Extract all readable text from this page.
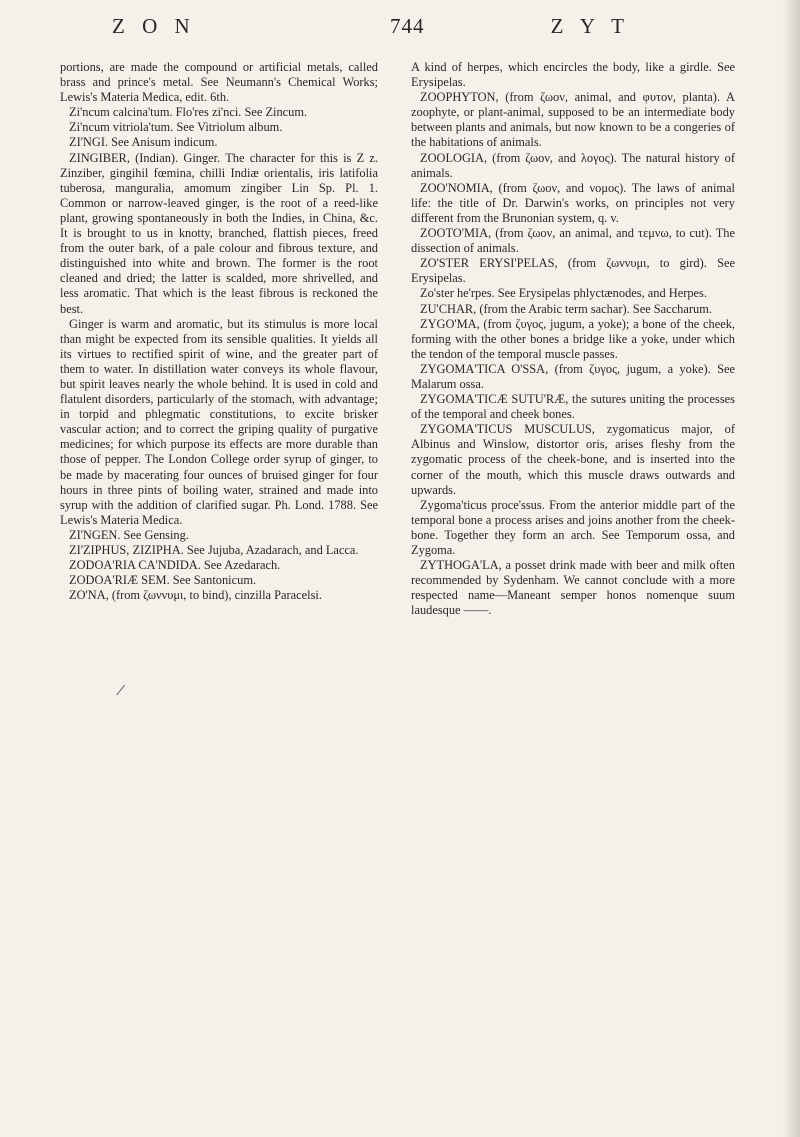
Z O N	744	Z Y T

portions, are made the compound or artificial metals, called brass and prince's metal. See Neumann's Chemical Works; Lewis's Materia Medica, edit. 6th.

Zi'ncum calcina'tum. Flo'res zi'nci. See Zincum.

Zi'ncum vitriola'tum. See Vitriolum album.

ZI'NGI. See Anisum indicum.

ZINGIBER, (Indian). Ginger. The character for this is Z z. Zinziber, gingihil fœmina, chilli Indiæ orientalis, iris latifolia tuberosa, manguralia, amomum zingiber Lin Sp. Pl. 1. Common or narrow-leaved ginger, is the root of a reed-like plant, growing spontaneously in both the Indies, in China, &c. It is brought to us in knotty, branched, flattish pieces, freed from the outer bark, of a pale colour and fibrous texture, and distinguished into white and brown. The former is the root cleaned and dried; the latter is scalded, more shrivelled, and less aromatic. That which is the least fibrous is reckoned the best.

Ginger is warm and aromatic, but its stimulus is more local than might be expected from its sensible qualities. It yields all its virtues to rectified spirit of wine, and the greater part of them to water. In distillation water conveys its whole flavour, but spirit leaves nearly the whole behind. It is used in cold and flatulent disorders, particularly of the stomach, with advantage; in torpid and phlegmatic constitutions, to excite brisker vascular action; and to correct the griping quality of purgative medicines; for which purpose its effects are more durable than those of pepper. The London College order syrup of ginger, to be made by macerating four ounces of bruised ginger for four hours in three pints of boiling water, strained and made into syrup with the addition of clarified sugar. Ph. Lond. 1788. See Lewis's Materia Medica.

ZI'NGEN. See Gensing.

ZI'ZIPHUS, ZIZIPHA. See Jujuba, Azadarach, and Lacca.

ZODOA'RIA CA'NDIDA. See Azedarach.

ZODOA'RIÆ SEM. See Santonicum.

ZO'NA, (from ζωννυμι, to bind), cinzilla Paracelsi.

A kind of herpes, which encircles the body, like a girdle. See Erysipelas.

ZOOPHYTON, (from ζωον, animal, and φυτον, planta). A zoophyte, or plant-animal, supposed to be an intermediate body between plants and animals, but now known to be a congeries of the habitations of animals.

ZOOLOGIA, (from ζωον, and λογος). The natural history of animals.

ZOO'NOMIA, (from ζωον, and νομος). The laws of animal life: the title of Dr. Darwin's works, on principles not very different from the Brunonian system, q. v.

ZOOTO'MIA, (from ζωον, an animal, and τεμνω, to cut). The dissection of animals.

ZO'STER ERYSI'PELAS, (from ζωννυμι, to gird). See Erysipelas.

Zo'ster he'rpes. See Erysipelas phlyctænodes, and Herpes.

ZU'CHAR, (from the Arabic term sachar). See Saccharum.

ZYGO'MA, (from ζυγος, jugum, a yoke); a bone of the cheek, forming with the other bones a bridge like a yoke, under which the tendon of the temporal muscle passes.

ZYGOMA'TICA O'SSA, (from ζυγος, jugum, a yoke). See Malarum ossa.

ZYGOMA'TICÆ SUTU'RÆ, the sutures uniting the processes of the temporal and cheek bones.

ZYGOMA'TICUS MUSCULUS, zygomaticus major, of Albinus and Winslow, distortor oris, arises fleshy from the zygomatic process of the cheek-bone, and is inserted into the corner of the mouth, which this muscle draws outwards and upwards.

Zygoma'ticus proce'ssus. From the anterior middle part of the temporal bone a process arises and joins another from the cheek-bone. Together they form an arch. See Temporum ossa, and Zygoma.

ZYTHOGA'LA, a posset drink made with beer and milk often recommended by Sydenham. We cannot conclude with a more respected name—Maneant semper honos nomenque suum laudesque ——.

/
